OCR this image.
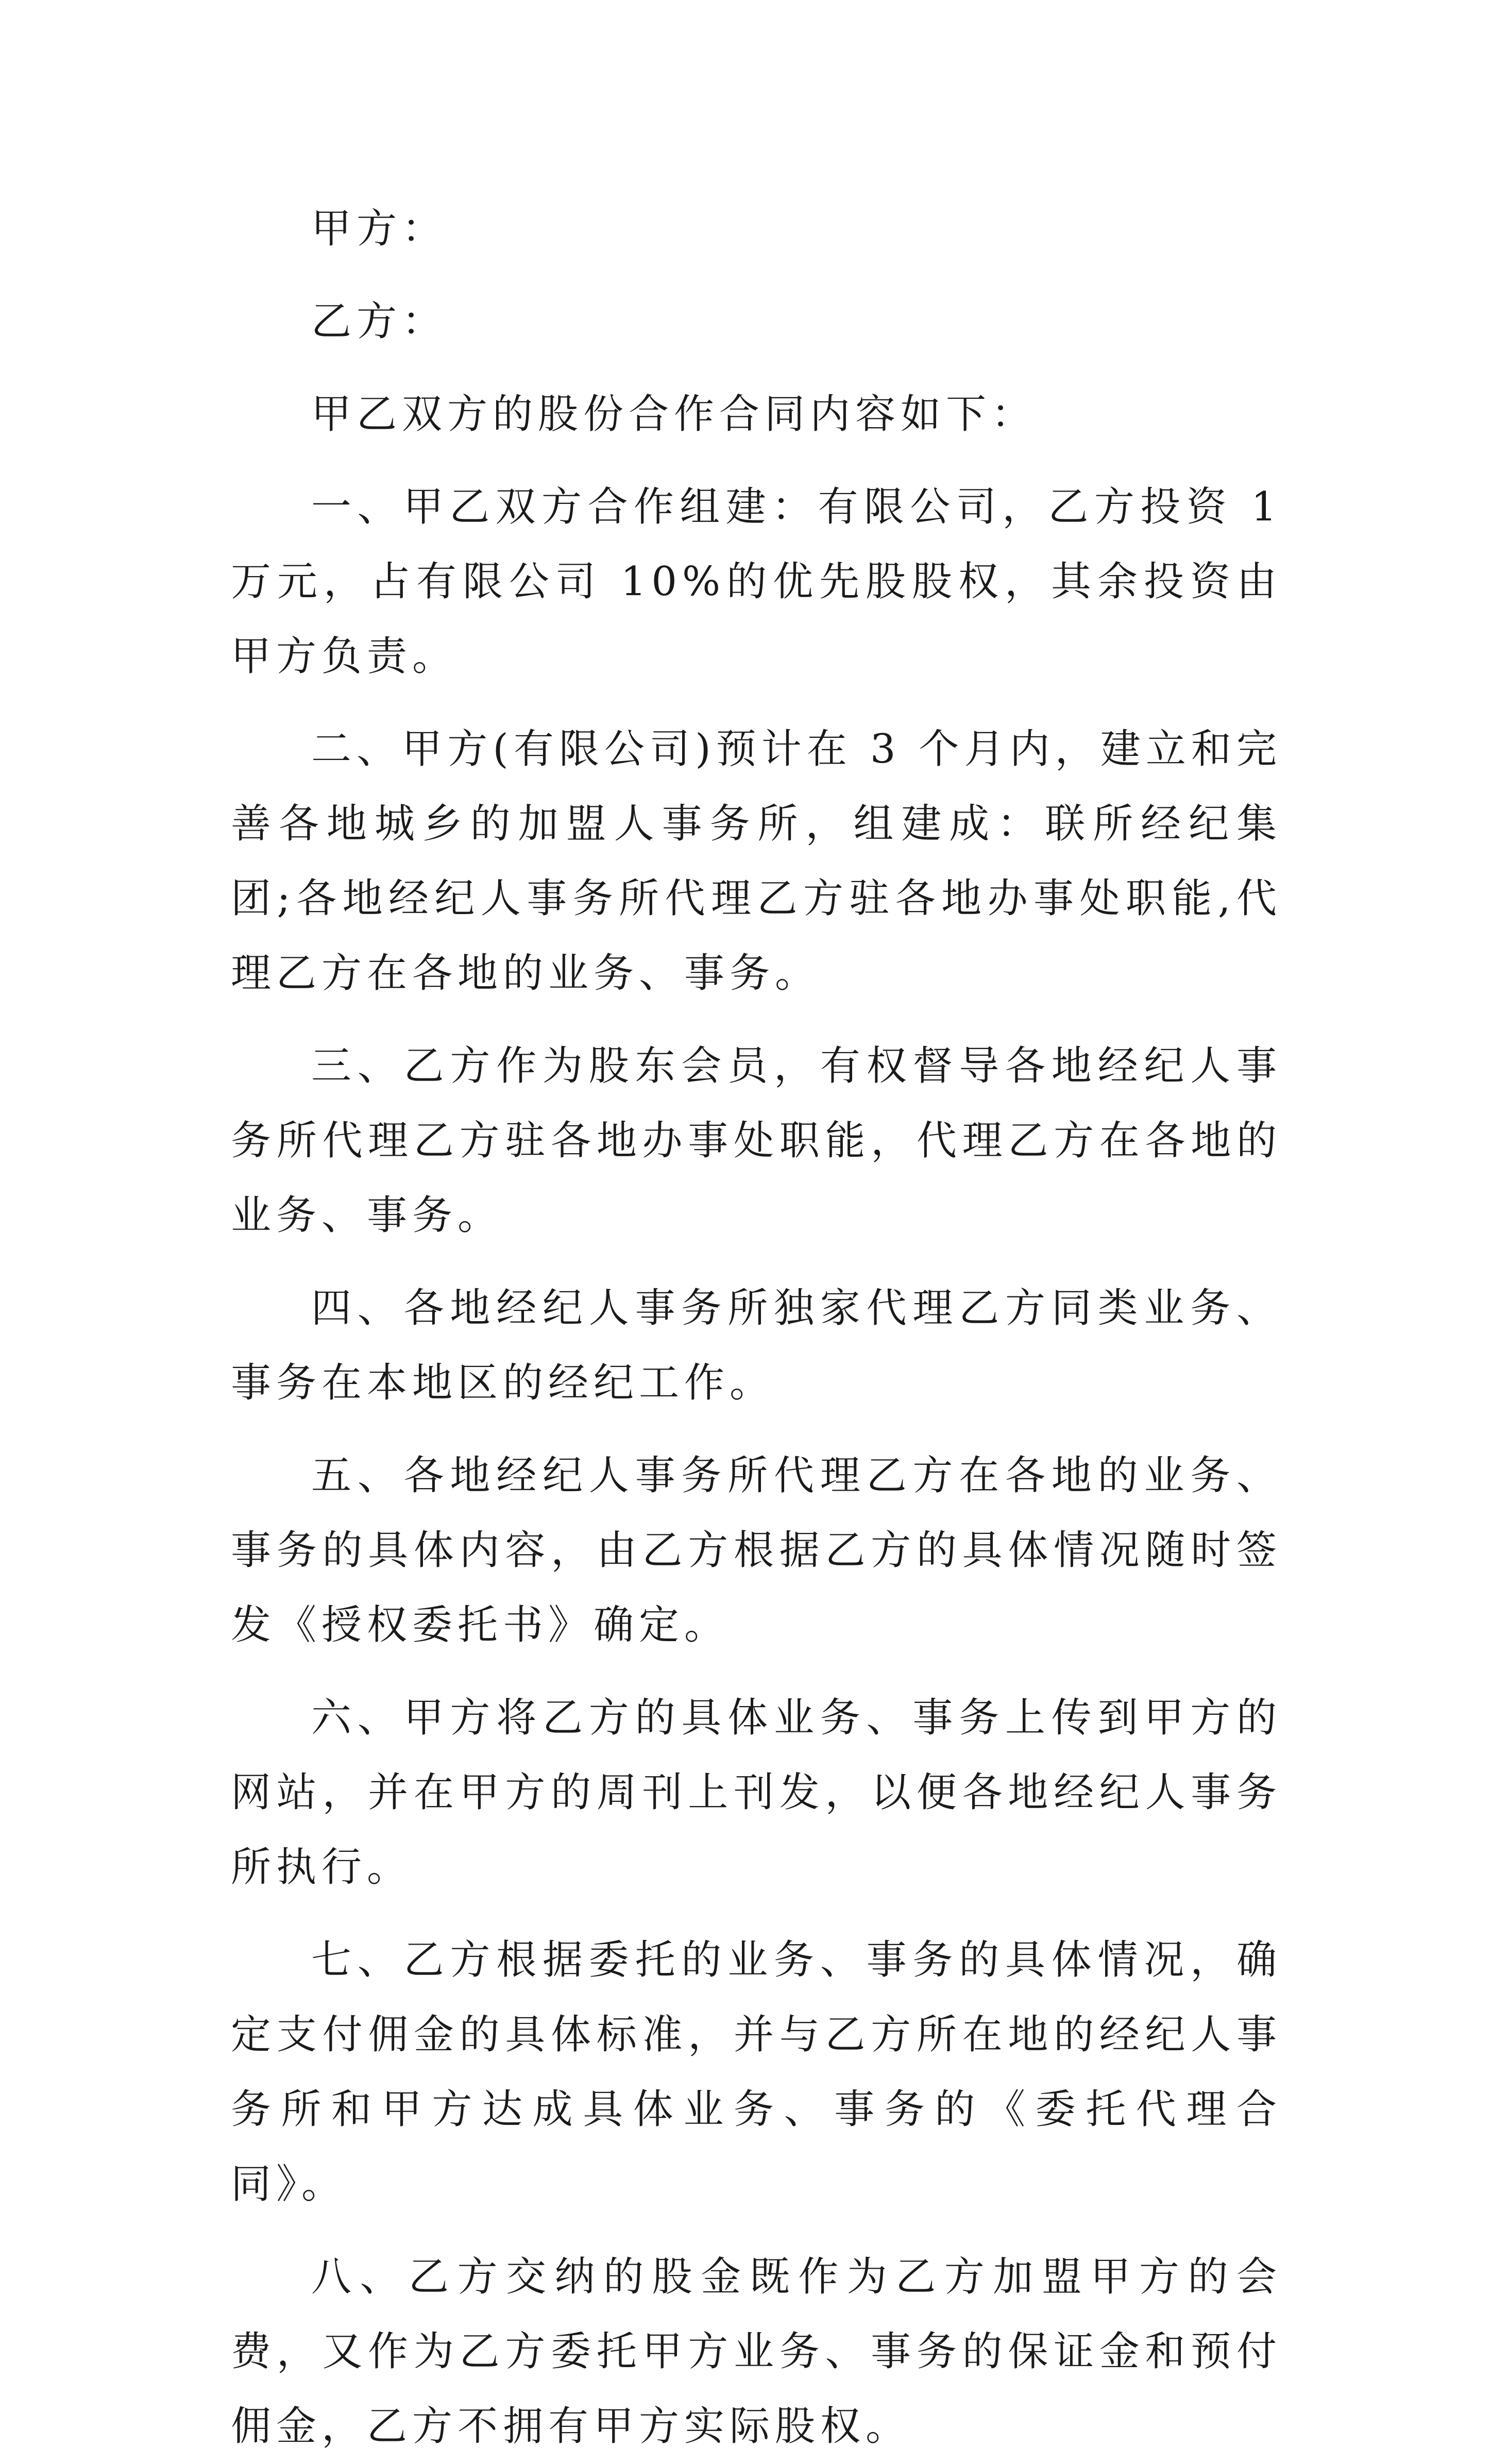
甲方：

乙方：

甲乙双方的股份合作合同内容如下：

一、甲乙双方合作组建：有限公司，乙方投资 1 万元，占有限公司 10%的优先股股权，其余投资由甲方负责。

二、甲方(有限公司)预计在 3 个月内，建立和完善各地城乡的加盟人事务所，组建成：联所经纪集团;各地经纪人事务所代理乙方驻各地办事处职能,代理乙方在各地的业务、事务。

三、乙方作为股东会员，有权督导各地经纪人事务所代理乙方驻各地办事处职能，代理乙方在各地的业务、事务。

四、各地经纪人事务所独家代理乙方同类业务、事务在本地区的经纪工作。

五、各地经纪人事务所代理乙方在各地的业务、事务的具体内容，由乙方根据乙方的具体情况随时签发《授权委托书》确定。

六、甲方将乙方的具体业务、事务上传到甲方的网站，并在甲方的周刊上刊发，以便各地经纪人事务所执行。

七、乙方根据委托的业务、事务的具体情况，确定支付佣金的具体标准，并与乙方所在地的经纪人事务所和甲方达成具体业务、事务的《委托代理合同》。

八、乙方交纳的股金既作为乙方加盟甲方的会费，又作为乙方委托甲方业务、事务的保证金和预付佣金，乙方不拥有甲方实际股权。
